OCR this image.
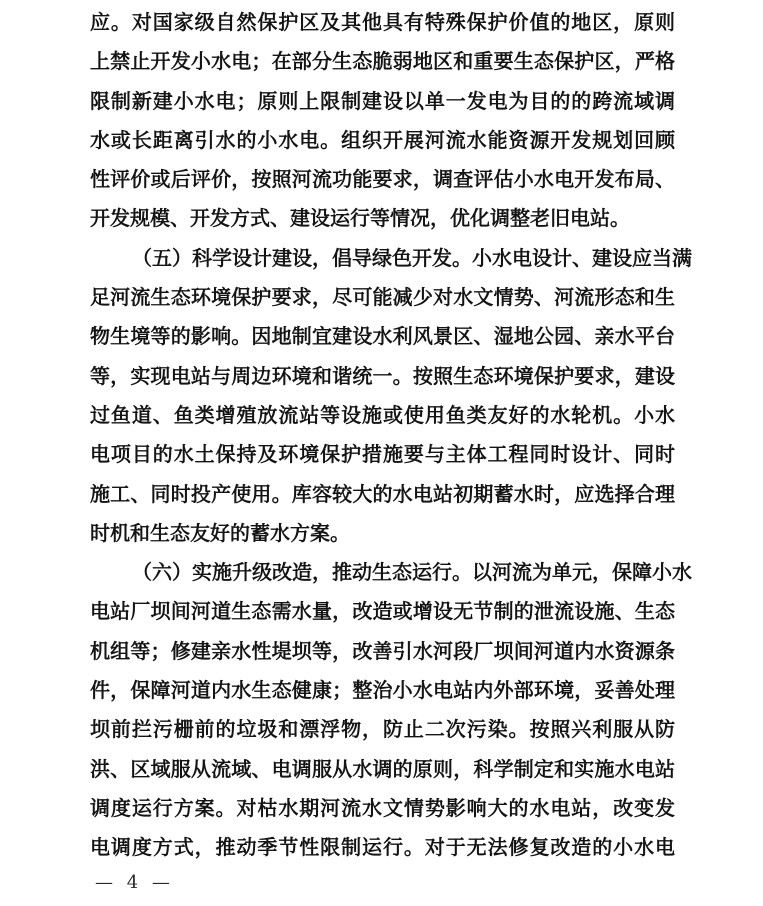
应。对国家级自然保护区及其他具有特殊保护价值的地区，原则
上禁止开发小水电；在部分生态脆弱地区和重要生态保护区，严格
限制新建小水电；原则上限制建设以单一发电为目的的跨流域调
水或长距离引水的小水电。组织开展河流水能资源开发规划回顾
性评价或后评价，按照河流功能要求，调查评估小水电开发布局、
开发规模、开发方式、建设运行等情况，优化调整老旧电站。
（五）科学设计建设，倡导绿色开发。小水电设计、建设应当满
足河流生态环境保护要求，尽可能减少对水文情势、河流形态和生
物生境等的影响。因地制宜建设水利风景区、湿地公园、亲水平台
等，实现电站与周边环境和谐统一。按照生态环境保护要求，建设
过鱼道、鱼类增殖放流站等设施或使用鱼类友好的水轮机。小水
电项目的水土保持及环境保护措施要与主体工程同时设计、同时
施工、同时投产使用。库容较大的水电站初期蓄水时，应选择合理
时机和生态友好的蓄水方案。
（六）实施升级改造，推动生态运行。以河流为单元，保障小水
电站厂坝间河道生态需水量，改造或增设无节制的泄流设施、生态
机组等；修建亲水性堤坝等，改善引水河段厂坝间河道内水资源条
件，保障河道内水生态健康；整治小水电站内外部环境，妥善处理
坝前拦污栅前的垃圾和漂浮物，防止二次污染。按照兴利服从防
洪、区域服从流域、电调服从水调的原则，科学制定和实施水电站
调度运行方案。对枯水期河流水文情势影响大的水电站，改变发
电调度方式，推动季节性限制运行。对于无法修复改造的小水电
— 4 —
